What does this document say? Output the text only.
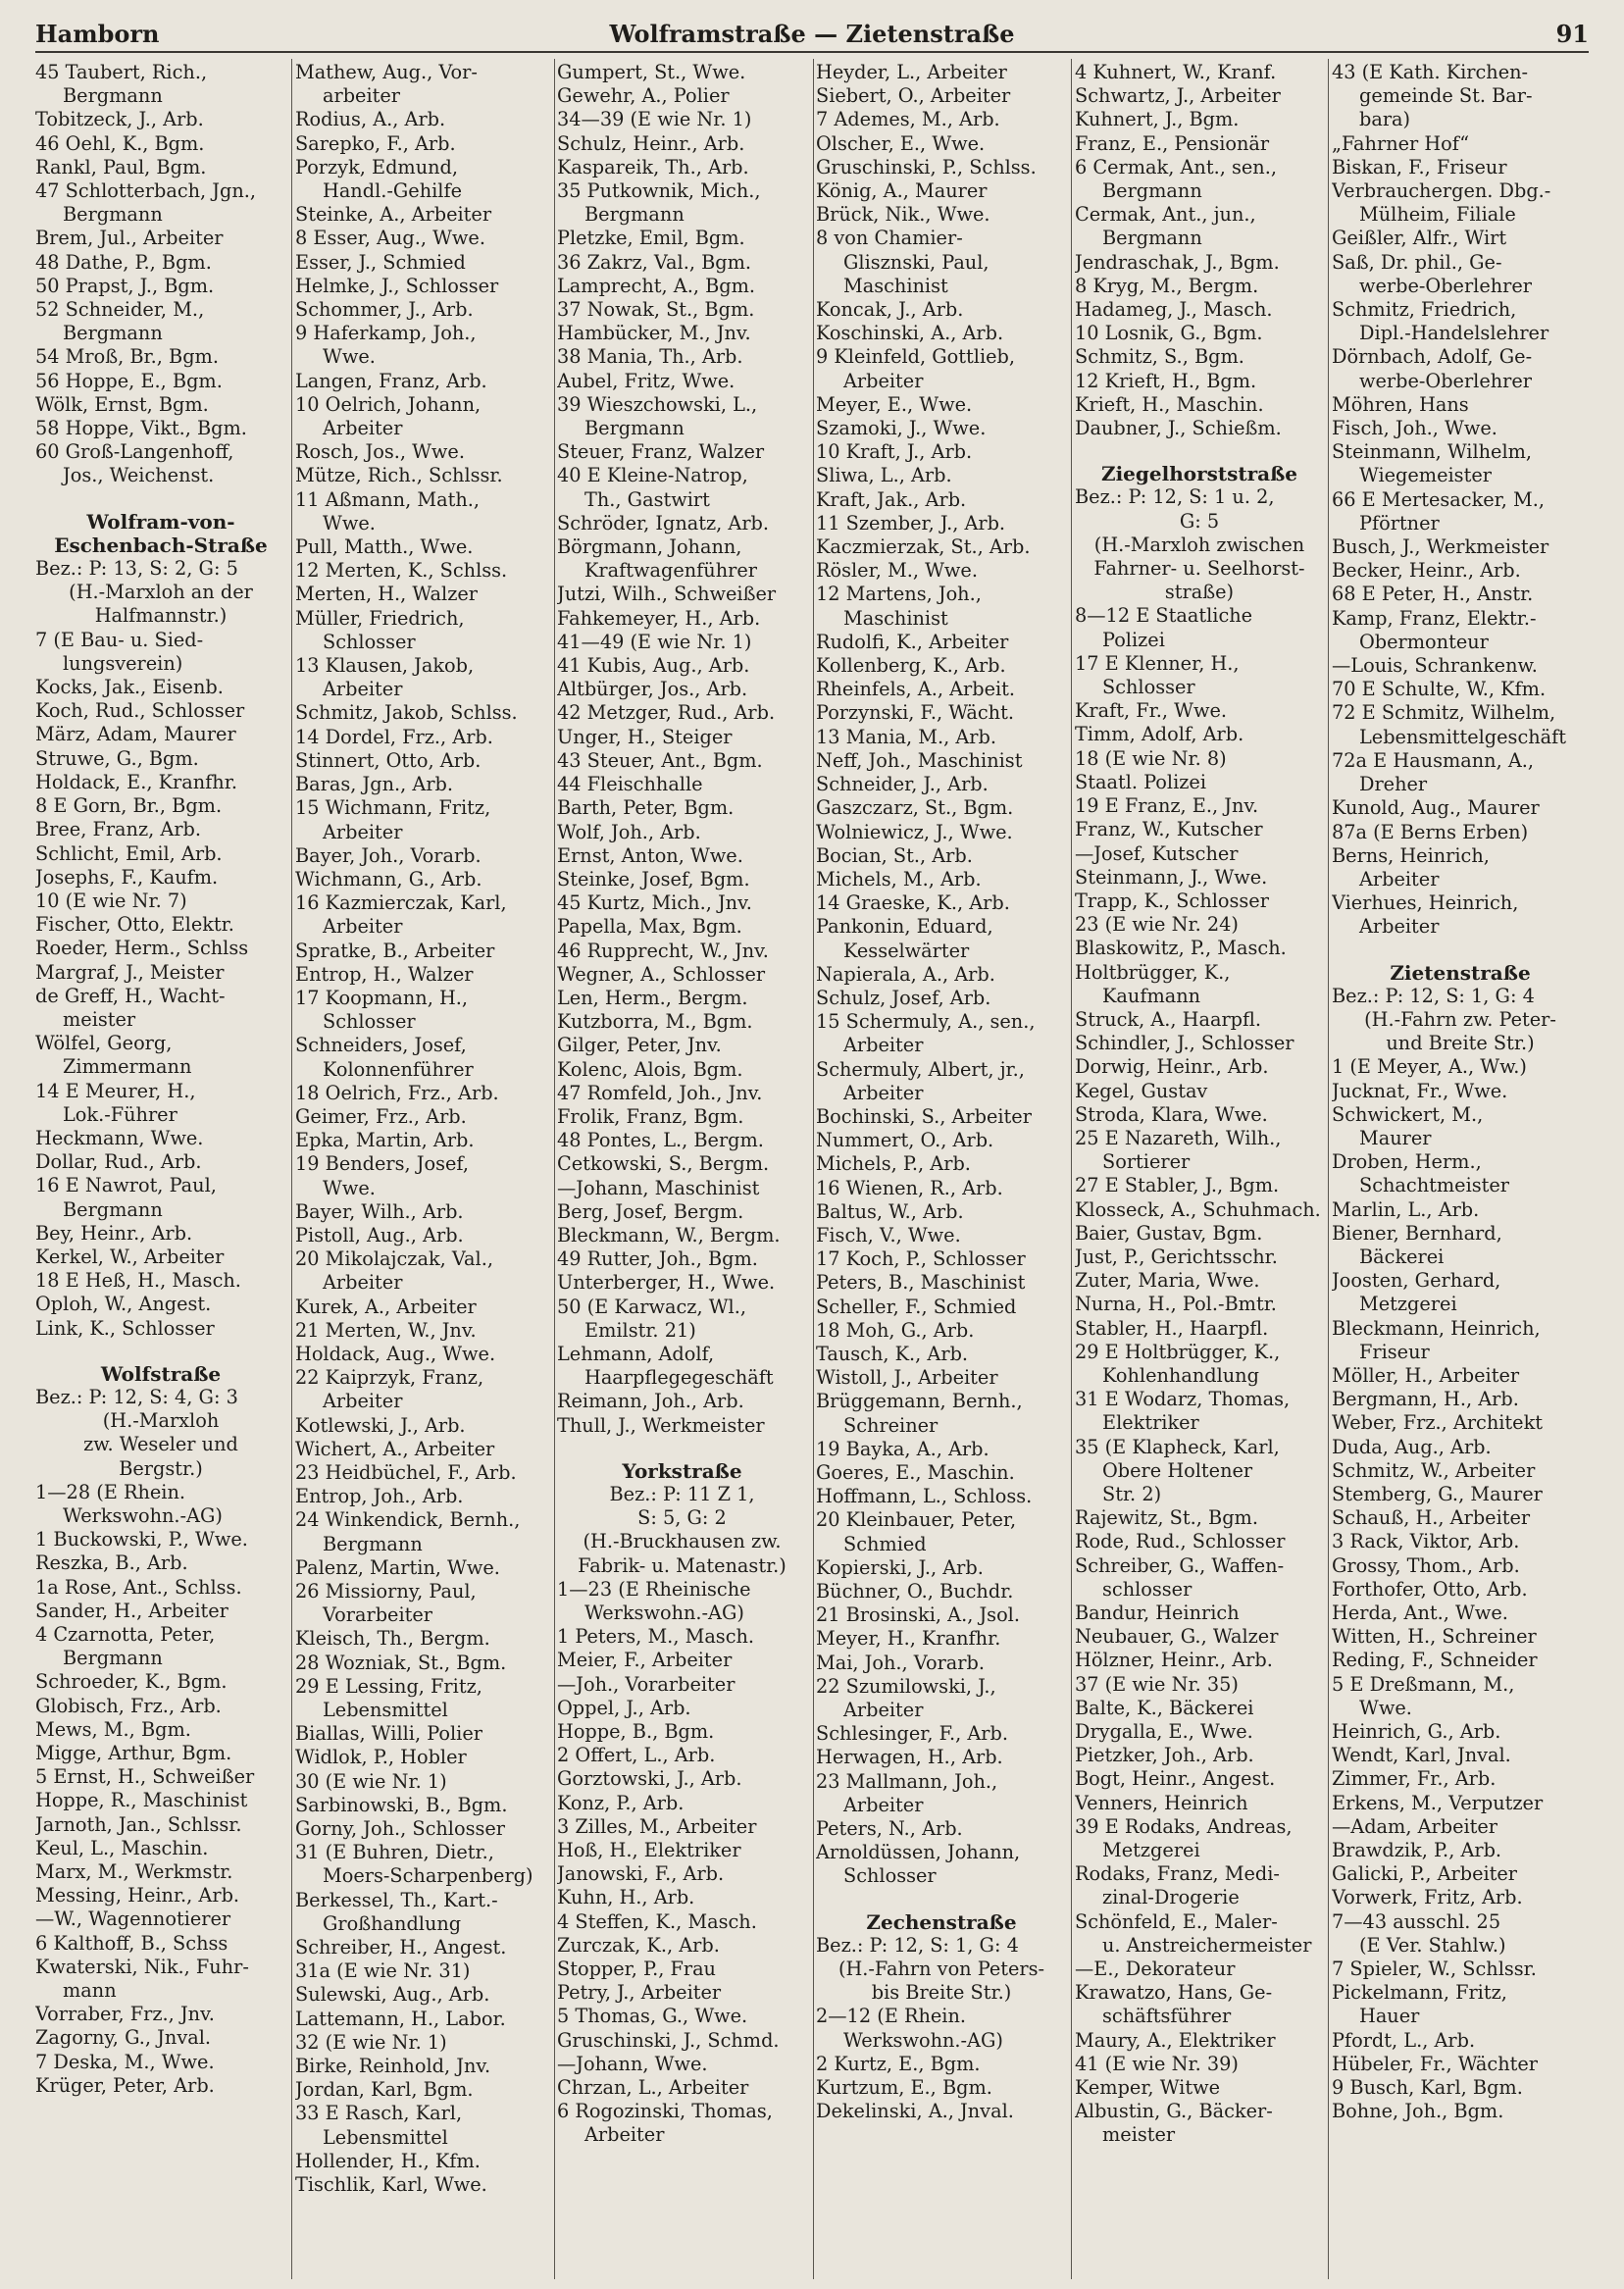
Hamborn	Wolframstraße — Zietenstraße	91
45 Taubert, Rich.,
Bergmann
Tobitzeck, J., Arb.
46 Oehl, K., Bgm.
Rankl, Paul, Bgm.
47 Schlotterbach, Jgn.,
Bergmann
Brem, Jul., Arbeiter
48 Dathe, P., Bgm.
50 Prapst, J., Bgm.
52 Schneider, M.,
Bergmann
54 Mroß, Br., Bgm.
56 Hoppe, E., Bgm.
Wölk, Ernst, Bgm.
58 Hoppe, Vikt., Bgm.
60 Groß-Langenhoff,
Jos., Weichenst.
Wolfram-von-
Eschenbach-Straße
Bez.: P: 13, S: 2, G: 5
(H.-Marxloh an der
Halfmannstr.)
7 (E Bau- u. Sied-
lungsverein)
Kocks, Jak., Eisenb.
Koch, Rud., Schlosser
März, Adam, Maurer
Struwe, G., Bgm.
Holdack, E., Kranfhr.
8 E Gorn, Br., Bgm.
Bree, Franz, Arb.
Schlicht, Emil, Arb.
Josephs, F., Kaufm.
10 (E wie Nr. 7)
Fischer, Otto, Elektr.
Roeder, Herm., Schlss
Margraf, J., Meister
de Greff, H., Wacht-
meister
Wölfel, Georg,
Zimmermann
14 E Meurer, H.,
Lok.-Führer
Heckmann, Wwe.
Dollar, Rud., Arb.
16 E Nawrot, Paul,
Bergmann
Bey, Heinr., Arb.
Kerkel, W., Arbeiter
18 E Heß, H., Masch.
Oploh, W., Angest.
Link, K., Schlosser
Wolfstraße
Bez.: P: 12, S: 4, G: 3
(H.-Marxloh
zw. Weseler und
Bergstr.)
1—28 (E Rhein.
Werkswohn.-AG)
1 Buckowski, P., Wwe.
Reszka, B., Arb.
1a Rose, Ant., Schlss.
Sander, H., Arbeiter
4 Czarnotta, Peter,
Bergmann
Schroeder, K., Bgm.
Globisch, Frz., Arb.
Mews, M., Bgm.
Migge, Arthur, Bgm.
5 Ernst, H., Schweißer
Hoppe, R., Maschinist
Jarnoth, Jan., Schlssr.
Keul, L., Maschin.
Marx, M., Werkmstr.
Messing, Heinr., Arb.
—W., Wagennotierer
6 Kalthoff, B., Schss
Kwaterski, Nik., Fuhr-
mann
Vorraber, Frz., Jnv.
Zagorny, G., Jnval.
7 Deska, M., Wwe.
Krüger, Peter, Arb.
Mathew, Aug., Vor-
arbeiter
Rodius, A., Arb.
Sarepko, F., Arb.
Porzyk, Edmund,
Handl.-Gehilfe
Steinke, A., Arbeiter
8 Esser, Aug., Wwe.
Esser, J., Schmied
Helmke, J., Schlosser
Schommer, J., Arb.
9 Haferkamp, Joh.,
Wwe.
Langen, Franz, Arb.
10 Oelrich, Johann,
Arbeiter
Rosch, Jos., Wwe.
Mütze, Rich., Schlssr.
11 Aßmann, Math.,
Wwe.
Pull, Matth., Wwe.
12 Merten, K., Schlss.
Merten, H., Walzer
Müller, Friedrich,
Schlosser
13 Klausen, Jakob,
Arbeiter
Schmitz, Jakob, Schlss.
14 Dordel, Frz., Arb.
Stinnert, Otto, Arb.
Baras, Jgn., Arb.
15 Wichmann, Fritz,
Arbeiter
Bayer, Joh., Vorarb.
Wichmann, G., Arb.
16 Kazmierczak, Karl,
Arbeiter
Spratke, B., Arbeiter
Entrop, H., Walzer
17 Koopmann, H.,
Schlosser
Schneiders, Josef,
Kolonnenführer
18 Oelrich, Frz., Arb.
Geimer, Frz., Arb.
Epka, Martin, Arb.
19 Benders, Josef,
Wwe.
Bayer, Wilh., Arb.
Pistoll, Aug., Arb.
20 Mikolajczak, Val.,
Arbeiter
Kurek, A., Arbeiter
21 Merten, W., Jnv.
Holdack, Aug., Wwe.
22 Kaiprzyk, Franz,
Arbeiter
Kotlewski, J., Arb.
Wichert, A., Arbeiter
23 Heidbüchel, F., Arb.
Entrop, Joh., Arb.
24 Winkendick, Bernh.,
Bergmann
Palenz, Martin, Wwe.
26 Missiorny, Paul,
Vorarbeiter
Kleisch, Th., Bergm.
28 Wozniak, St., Bgm.
29 E Lessing, Fritz,
Lebensmittel
Biallas, Willi, Polier
Widlok, P., Hobler
30 (E wie Nr. 1)
Sarbinowski, B., Bgm.
Gorny, Joh., Schlosser
31 (E Buhren, Dietr.,
Moers-Scharpenberg)
Berkessel, Th., Kart.-
Großhandlung
Schreiber, H., Angest.
31a (E wie Nr. 31)
Sulewski, Aug., Arb.
Lattemann, H., Labor.
32 (E wie Nr. 1)
Birke, Reinhold, Jnv.
Jordan, Karl, Bgm.
33 E Rasch, Karl,
Lebensmittel
Hollender, H., Kfm.
Tischlik, Karl, Wwe.
Gumpert, St., Wwe.
Gewehr, A., Polier
34—39 (E wie Nr. 1)
Schulz, Heinr., Arb.
Kaspareik, Th., Arb.
35 Putkownik, Mich.,
Bergmann
Pletzke, Emil, Bgm.
36 Zakrz, Val., Bgm.
Lamprecht, A., Bgm.
37 Nowak, St., Bgm.
Hambücker, M., Jnv.
38 Mania, Th., Arb.
Aubel, Fritz, Wwe.
39 Wieszchowski, L.,
Bergmann
Steuer, Franz, Walzer
40 E Kleine-Natrop,
Th., Gastwirt
Schröder, Ignatz, Arb.
Börgmann, Johann,
Kraftwagenführer
Jutzi, Wilh., Schweißer
Fahkemeyer, H., Arb.
41—49 (E wie Nr. 1)
41 Kubis, Aug., Arb.
Altbürger, Jos., Arb.
42 Metzger, Rud., Arb.
Unger, H., Steiger
43 Steuer, Ant., Bgm.
44 Fleischhalle
Barth, Peter, Bgm.
Wolf, Joh., Arb.
Ernst, Anton, Wwe.
Steinke, Josef, Bgm.
45 Kurtz, Mich., Jnv.
Papella, Max, Bgm.
46 Rupprecht, W., Jnv.
Wegner, A., Schlosser
Len, Herm., Bergm.
Kutzborra, M., Bgm.
Gilger, Peter, Jnv.
Kolenc, Alois, Bgm.
47 Romfeld, Joh., Jnv.
Frolik, Franz, Bgm.
48 Pontes, L., Bergm.
Cetkowski, S., Bergm.
—Johann, Maschinist
Berg, Josef, Bergm.
Bleckmann, W., Bergm.
49 Rutter, Joh., Bgm.
Unterberger, H., Wwe.
50 (E Karwacz, Wl.,
Emilstr. 21)
Lehmann, Adolf,
Haarpflegegeschäft
Reimann, Joh., Arb.
Thull, J., Werkmeister
Yorkstraße
Bez.: P: 11 Z 1,
S: 5, G: 2
(H.-Bruckhausen zw.
Fabrik- u. Matenastr.)
1—23 (E Rheinische
Werkswohn.-AG)
1 Peters, M., Masch.
Meier, F., Arbeiter
—Joh., Vorarbeiter
Oppel, J., Arb.
Hoppe, B., Bgm.
2 Offert, L., Arb.
Gorztowski, J., Arb.
Konz, P., Arb.
3 Zilles, M., Arbeiter
Hoß, H., Elektriker
Janowski, F., Arb.
Kuhn, H., Arb.
4 Steffen, K., Masch.
Zurczak, K., Arb.
Stopper, P., Frau
Petry, J., Arbeiter
5 Thomas, G., Wwe.
Gruschinski, J., Schmd.
—Johann, Wwe.
Chrzan, L., Arbeiter
6 Rogozinski, Thomas,
Arbeiter
Heyder, L., Arbeiter
Siebert, O., Arbeiter
7 Ademes, M., Arb.
Olscher, E., Wwe.
Gruschinski, P., Schlss.
König, A., Maurer
Brück, Nik., Wwe.
8 von Chamier-
Glisznski, Paul,
Maschinist
Koncak, J., Arb.
Koschinski, A., Arb.
9 Kleinfeld, Gottlieb,
Arbeiter
Meyer, E., Wwe.
Szamoki, J., Wwe.
10 Kraft, J., Arb.
Sliwa, L., Arb.
Kraft, Jak., Arb.
11 Szember, J., Arb.
Kaczmierzak, St., Arb.
Rösler, M., Wwe.
12 Martens, Joh.,
Maschinist
Rudolfi, K., Arbeiter
Kollenberg, K., Arb.
Rheinfels, A., Arbeit.
Porzynski, F., Wächt.
13 Mania, M., Arb.
Neff, Joh., Maschinist
Schneider, J., Arb.
Gaszczarz, St., Bgm.
Wolniewicz, J., Wwe.
Bocian, St., Arb.
Michels, M., Arb.
14 Graeske, K., Arb.
Pankonin, Eduard,
Kesselwärter
Napierala, A., Arb.
Schulz, Josef, Arb.
15 Schermuly, A., sen.,
Arbeiter
Schermuly, Albert, jr.,
Arbeiter
Bochinski, S., Arbeiter
Nummert, O., Arb.
Michels, P., Arb.
16 Wienen, R., Arb.
Baltus, W., Arb.
Fisch, V., Wwe.
17 Koch, P., Schlosser
Peters, B., Maschinist
Scheller, F., Schmied
18 Moh, G., Arb.
Tausch, K., Arb.
Wistoll, J., Arbeiter
Brüggemann, Bernh.,
Schreiner
19 Bayka, A., Arb.
Goeres, E., Maschin.
Hoffmann, L., Schloss.
20 Kleinbauer, Peter,
Schmied
Kopierski, J., Arb.
Büchner, O., Buchdr.
21 Brosinski, A., Jsol.
Meyer, H., Kranfhr.
Mai, Joh., Vorarb.
22 Szumilowski, J.,
Arbeiter
Schlesinger, F., Arb.
Herwagen, H., Arb.
23 Mallmann, Joh.,
Arbeiter
Peters, N., Arb.
Arnoldüssen, Johann,
Schlosser
Zechenstraße
Bez.: P: 12, S: 1, G: 4
(H.-Fahrn von Peters-
bis Breite Str.)
2—12 (E Rhein.
Werkswohn.-AG)
2 Kurtz, E., Bgm.
Kurtzum, E., Bgm.
Dekelinski, A., Jnval.
4 Kuhnert, W., Kranf.
Schwartz, J., Arbeiter
Kuhnert, J., Bgm.
Franz, E., Pensionär
6 Cermak, Ant., sen.,
Bergmann
Cermak, Ant., jun.,
Bergmann
Jendraschak, J., Bgm.
8 Kryg, M., Bergm.
Hadameg, J., Masch.
10 Losnik, G., Bgm.
Schmitz, S., Bgm.
12 Krieft, H., Bgm.
Krieft, H., Maschin.
Daubner, J., Schießm.
Ziegelhorststraße
Bez.: P: 12, S: 1 u. 2,
G: 5
(H.-Marxloh zwischen
Fahrner- u. Seelhorst-
straße)
8—12 E Staatliche
Polizei
17 E Klenner, H.,
Schlosser
Kraft, Fr., Wwe.
Timm, Adolf, Arb.
18 (E wie Nr. 8)
Staatl. Polizei
19 E Franz, E., Jnv.
Franz, W., Kutscher
—Josef, Kutscher
Steinmann, J., Wwe.
Trapp, K., Schlosser
23 (E wie Nr. 24)
Blaskowitz, P., Masch.
Holtbrügger, K.,
Kaufmann
Struck, A., Haarpfl.
Schindler, J., Schlosser
Dorwig, Heinr., Arb.
Kegel, Gustav
Stroda, Klara, Wwe.
25 E Nazareth, Wilh.,
Sortierer
27 E Stabler, J., Bgm.
Klosseck, A., Schuhmach.
Baier, Gustav, Bgm.
Just, P., Gerichtsschr.
Zuter, Maria, Wwe.
Nurna, H., Pol.-Bmtr.
Stabler, H., Haarpfl.
29 E Holtbrügger, K.,
Kohlenhandlung
31 E Wodarz, Thomas,
Elektriker
35 (E Klapheck, Karl,
Obere Holtener
Str. 2)
Rajewitz, St., Bgm.
Rode, Rud., Schlosser
Schreiber, G., Waffen-
schlosser
Bandur, Heinrich
Neubauer, G., Walzer
Hölzner, Heinr., Arb.
37 (E wie Nr. 35)
Balte, K., Bäckerei
Drygalla, E., Wwe.
Pietzker, Joh., Arb.
Bogt, Heinr., Angest.
Venners, Heinrich
39 E Rodaks, Andreas,
Metzgerei
Rodaks, Franz, Medi-
zinal-Drogerie
Schönfeld, E., Maler-
u. Anstreichermeister
—E., Dekorateur
Krawatzo, Hans, Ge-
schäftsführer
Maury, A., Elektriker
41 (E wie Nr. 39)
Kemper, Witwe
Albustin, G., Bäcker-
meister
43 (E Kath. Kirchen-
gemeinde St. Bar-
bara)
„Fahrner Hof“
Biskan, F., Friseur
Verbrauchergen. Dbg.-
Mülheim, Filiale
Geißler, Alfr., Wirt
Saß, Dr. phil., Ge-
werbe-Oberlehrer
Schmitz, Friedrich,
Dipl.-Handelslehrer
Dörnbach, Adolf, Ge-
werbe-Oberlehrer
Möhren, Hans
Fisch, Joh., Wwe.
Steinmann, Wilhelm,
Wiegemeister
66 E Mertesacker, M.,
Pförtner
Busch, J., Werkmeister
Becker, Heinr., Arb.
68 E Peter, H., Anstr.
Kamp, Franz, Elektr.-
Obermonteur
—Louis, Schrankenw.
70 E Schulte, W., Kfm.
72 E Schmitz, Wilhelm,
Lebensmittelgeschäft
72a E Hausmann, A.,
Dreher
Kunold, Aug., Maurer
87a (E Berns Erben)
Berns, Heinrich,
Arbeiter
Vierhues, Heinrich,
Arbeiter
Zietenstraße
Bez.: P: 12, S: 1, G: 4
(H.-Fahrn zw. Peter-
und Breite Str.)
1 (E Meyer, A., Ww.)
Jucknat, Fr., Wwe.
Schwickert, M.,
Maurer
Droben, Herm.,
Schachtmeister
Marlin, L., Arb.
Biener, Bernhard,
Bäckerei
Joosten, Gerhard,
Metzgerei
Bleckmann, Heinrich,
Friseur
Möller, H., Arbeiter
Bergmann, H., Arb.
Weber, Frz., Architekt
Duda, Aug., Arb.
Schmitz, W., Arbeiter
Stemberg, G., Maurer
Schauß, H., Arbeiter
3 Rack, Viktor, Arb.
Grossy, Thom., Arb.
Forthofer, Otto, Arb.
Herda, Ant., Wwe.
Witten, H., Schreiner
Reding, F., Schneider
5 E Dreßmann, M.,
Wwe.
Heinrich, G., Arb.
Wendt, Karl, Jnval.
Zimmer, Fr., Arb.
Erkens, M., Verputzer
—Adam, Arbeiter
Brawdzik, P., Arb.
Galicki, P., Arbeiter
Vorwerk, Fritz, Arb.
7—43 ausschl. 25
(E Ver. Stahlw.)
7 Spieler, W., Schlssr.
Pickelmann, Fritz,
Hauer
Pfordt, L., Arb.
Hübeler, Fr., Wächter
9 Busch, Karl, Bgm.
Bohne, Joh., Bgm.
